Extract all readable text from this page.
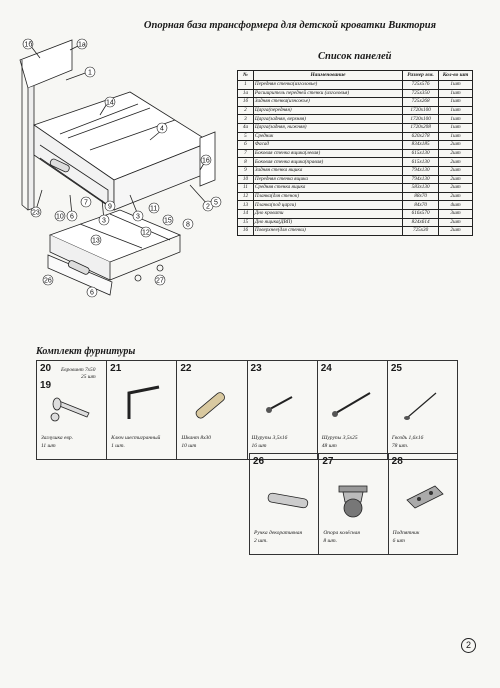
Опорная база трансформера для детской кроватки Виктория
1б	1а
1
14
4
3
2
16
5
6
23
3
10
7
9	11
15
8
12
13
26
6
27
Список панелей
№	Наименование	Размер мм.	Кол-во шт
1	Передняя стенка(изголовье)	725x576	1шт
1а	Расширитель передней стенки (изголовья)	725x350	1шт
1б	Задняя стенка(изножье)	725x268	1шт
2	Царга(передняя)	1720x100	1шт
3	Царга(задняя, верхняя)	1720x100	1шт
4а	Царга(задняя, нижняя)	1720x208	1шт
5	Средник	620x278	1шт
6	Фасад	834x185	2шт
7	Боковая стенка ящика(левая)	615x130	2шт
8	Боковая стенка ящика(правая)	615x130	2шт
9	Задняя стенка ящика	794x130	2шт
10	Передняя стенка ящика	794x130	2шт
11	Средняя стенка ящика	583x130	2шт
12	Планка(для стенок)	88x70	2шт
13	Планка(под царги)	84x70	4шт
14	Дно кровати	616x570	3шт
15	Дно ящика(ДВП)	824x614	2шт
16	Поверхнее(для стенки)	725x30	2шт
Комплект фурнитуры
20
19
Евровинт 7x50
25 шт
Заглушка евр.
11 шт
21
Ключ шестигранный
1 шт.
22
Шкант 8x30
10 шт
23
Шурупы 3,5x16
16 шт
24
Шурупы 3,5x25
48 шт
25
Гвоздь 1,6x16
78 шт.
26
Ручка декоративная
2 шт.
27
Опора колёсная
8 шт.
28
Подпятник
6 шт
2
